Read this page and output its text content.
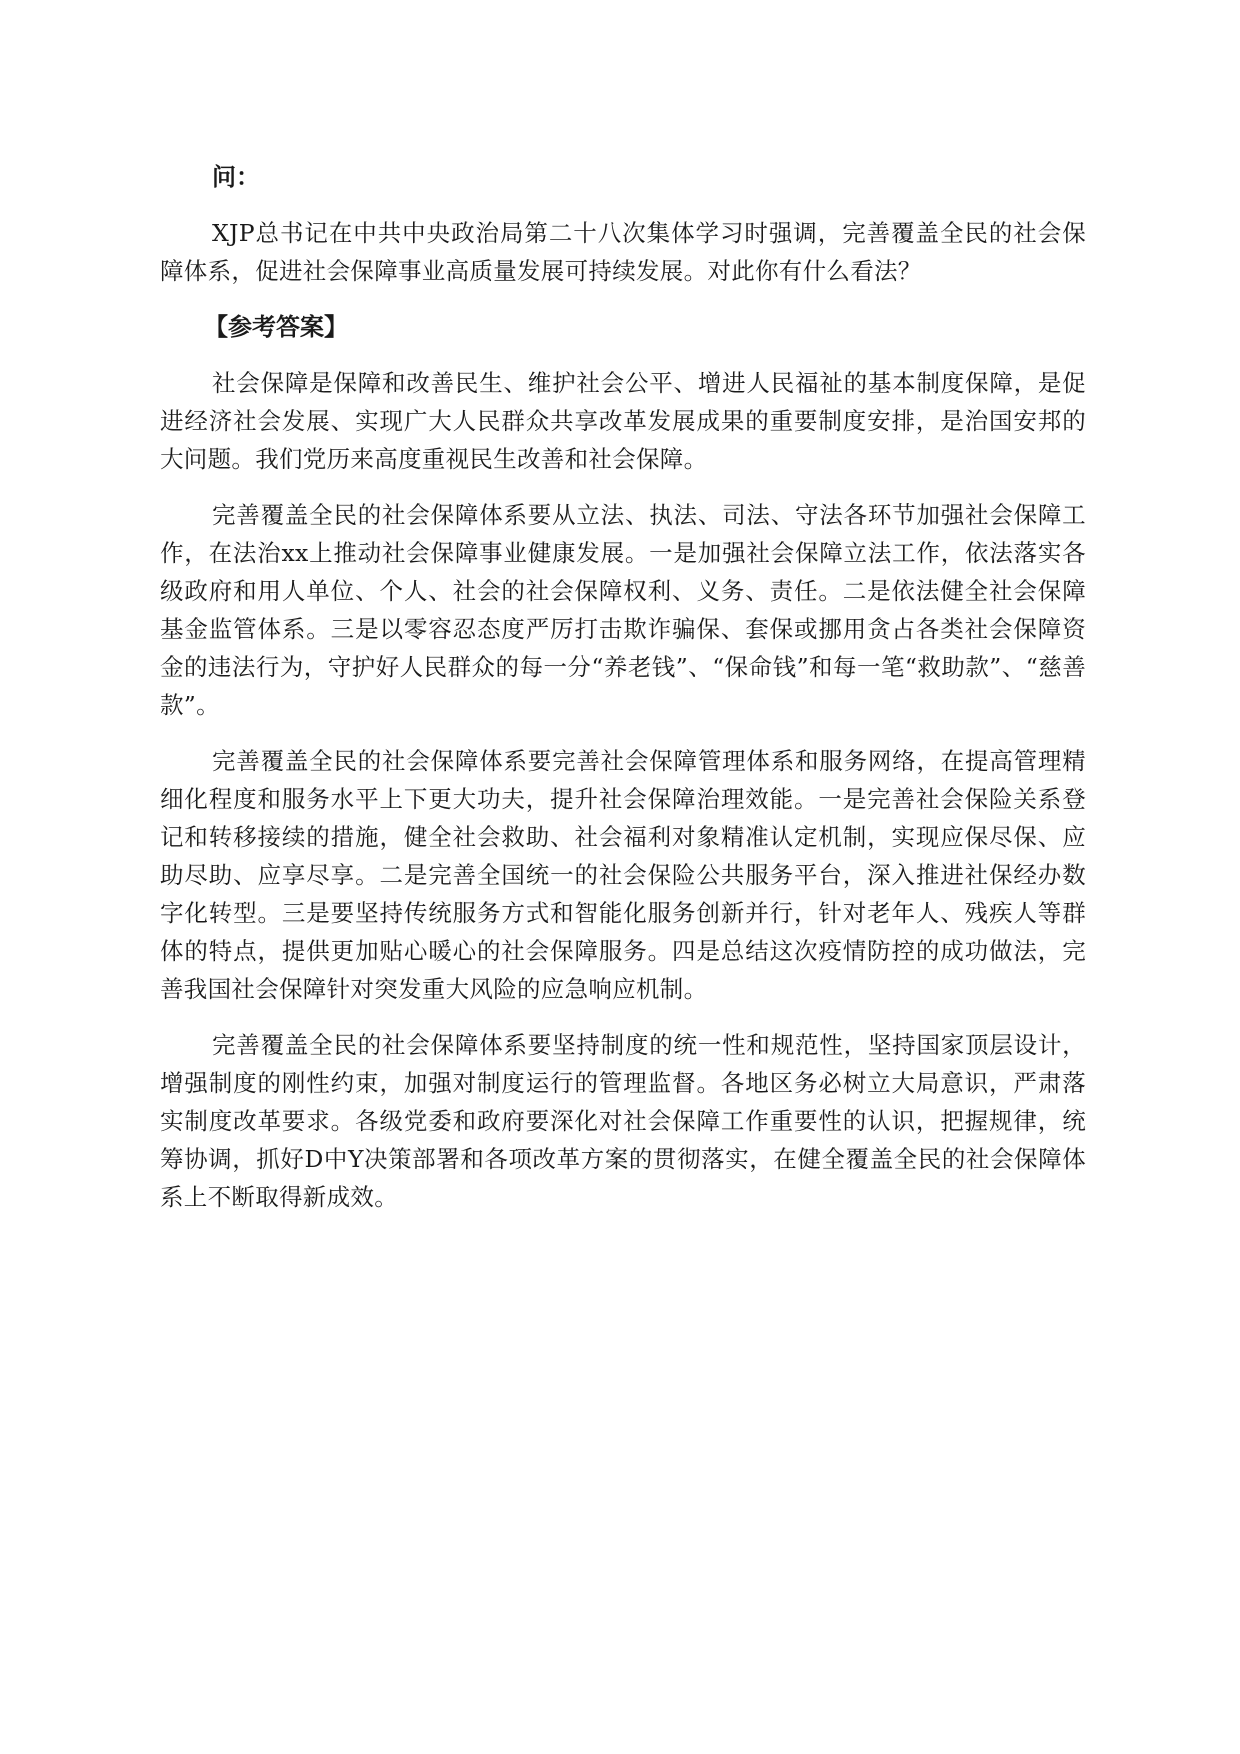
问：

XJP总书记在中共中央政治局第二十八次集体学习时强调，完善覆盖全民的社会保障体系，促进社会保障事业高质量发展可持续发展。对此你有什么看法？

【参考答案】

社会保障是保障和改善民生、维护社会公平、增进人民福祉的基本制度保障，是促进经济社会发展、实现广大人民群众共享改革发展成果的重要制度安排，是治国安邦的大问题。我们党历来高度重视民生改善和社会保障。

完善覆盖全民的社会保障体系要从立法、执法、司法、守法各环节加强社会保障工作，在法治xx上推动社会保障事业健康发展。一是加强社会保障立法工作，依法落实各级政府和用人单位、个人、社会的社会保障权利、义务、责任。二是依法健全社会保障基金监管体系。三是以零容忍态度严厉打击欺诈骗保、套保或挪用贪占各类社会保障资金的违法行为，守护好人民群众的每一分“养老钱”、“保命钱”和每一笔“救助款”、“慈善款”。

完善覆盖全民的社会保障体系要完善社会保障管理体系和服务网络，在提高管理精细化程度和服务水平上下更大功夫，提升社会保障治理效能。一是完善社会保险关系登记和转移接续的措施，健全社会救助、社会福利对象精准认定机制，实现应保尽保、应助尽助、应享尽享。二是完善全国统一的社会保险公共服务平台，深入推进社保经办数字化转型。三是要坚持传统服务方式和智能化服务创新并行，针对老年人、残疾人等群体的特点，提供更加贴心暖心的社会保障服务。四是总结这次疫情防控的成功做法，完善我国社会保障针对突发重大风险的应急响应机制。

完善覆盖全民的社会保障体系要坚持制度的统一性和规范性，坚持国家顶层设计，增强制度的刚性约束，加强对制度运行的管理监督。各地区务必树立大局意识，严肃落实制度改革要求。各级党委和政府要深化对社会保障工作重要性的认识，把握规律，统筹协调，抓好D中Y决策部署和各项改革方案的贯彻落实，在健全覆盖全民的社会保障体系上不断取得新成效。
